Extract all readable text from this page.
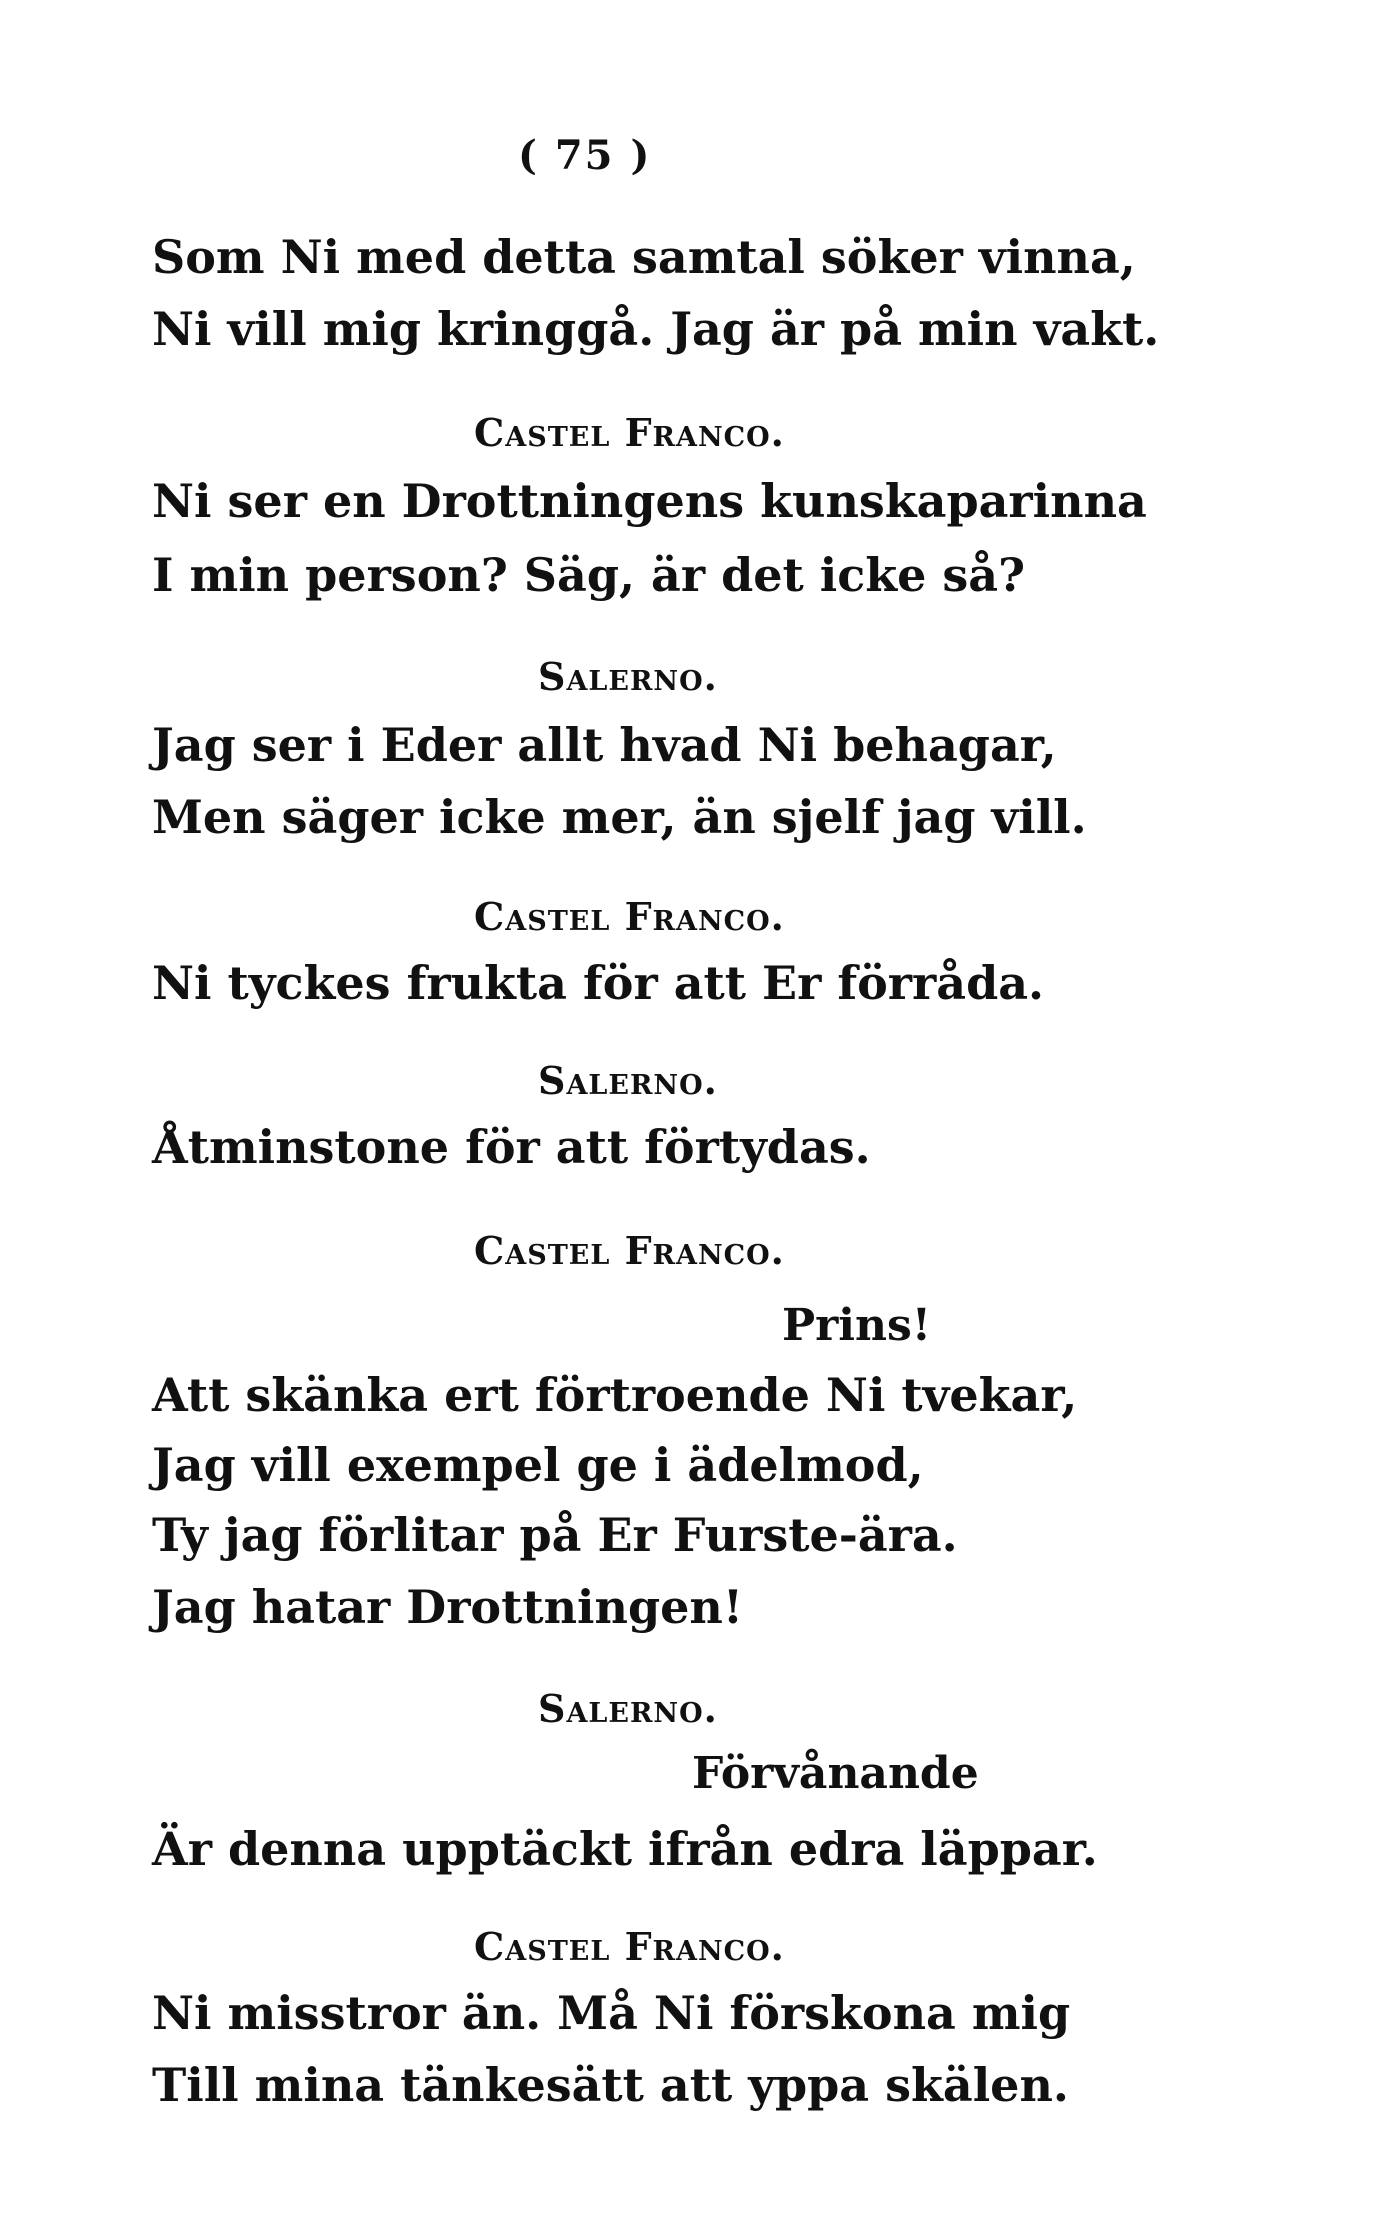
( 75 )
Som Ni med detta samtal söker vinna,
Ni vill mig kringgå. Jag är på min vakt.
Castel Franco.
Ni ser en Drottningens kunskaparinna
I min person? Säg, är det icke så?
Salerno.
Jag ser i Eder allt hvad Ni behagar,
Men säger icke mer, än sjelf jag vill.
Castel Franco.
Ni tyckes frukta för att Er förråda.
Salerno.
Åtminstone för att förtydas.
Castel Franco.
Prins!
Att skänka ert förtroende Ni tvekar,
Jag vill exempel ge i ädelmod,
Ty jag förlitar på Er Furste-ära.
Jag hatar Drottningen!
Salerno.
Förvånande
Är denna upptäckt ifrån edra läppar.
Castel Franco.
Ni misstror än. Må Ni förskona mig
Till mina tänkesätt att yppa skälen.
